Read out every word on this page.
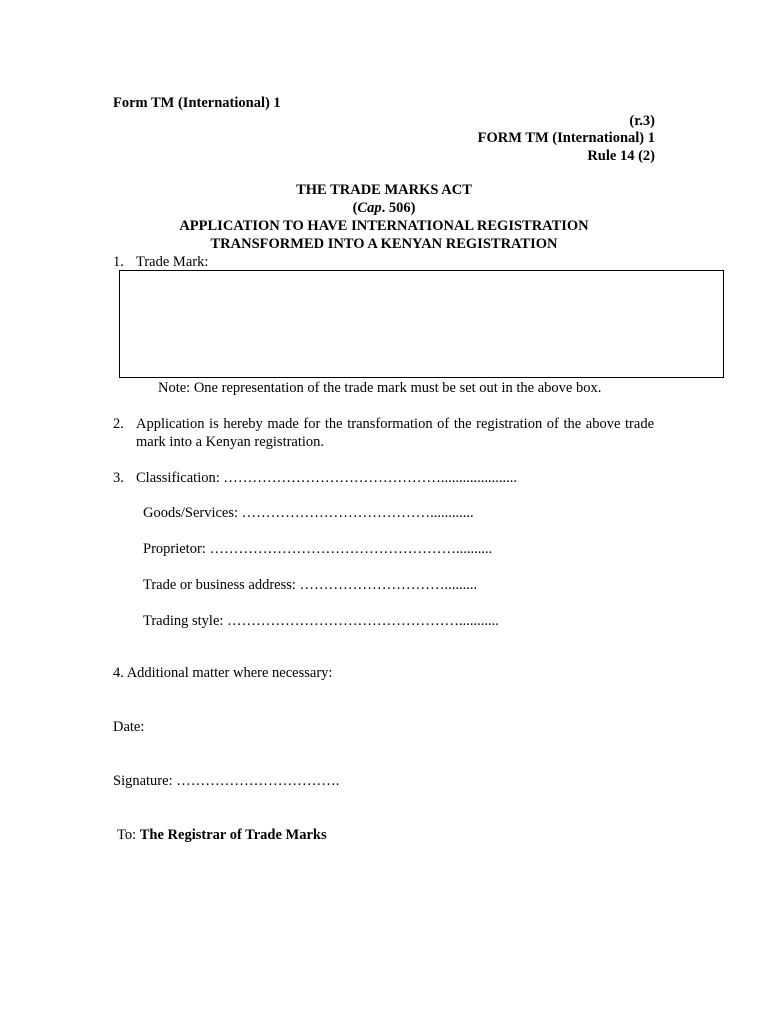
Form TM (International) 1
(r.3)
FORM TM (International) 1
Rule 14 (2)
THE TRADE MARKS ACT
(Cap. 506)
APPLICATION TO HAVE INTERNATIONAL REGISTRATION
TRANSFORMED INTO A KENYAN REGISTRATION
1. Trade Mark:
Note: One representation of the trade mark must be set out in the above box.
2. Application is hereby made for the transformation of the registration of the above trade mark into a Kenyan registration.
3. Classification: ……………………………………….....................
Goods/Services: …………………………………............
Proprietor: ……………………………………………..........
Trade or business address: ………………………….........
Trading style: …………………………………………...........
4. Additional matter where necessary:
Date:
Signature: …………………………….
To: The Registrar of Trade Marks
